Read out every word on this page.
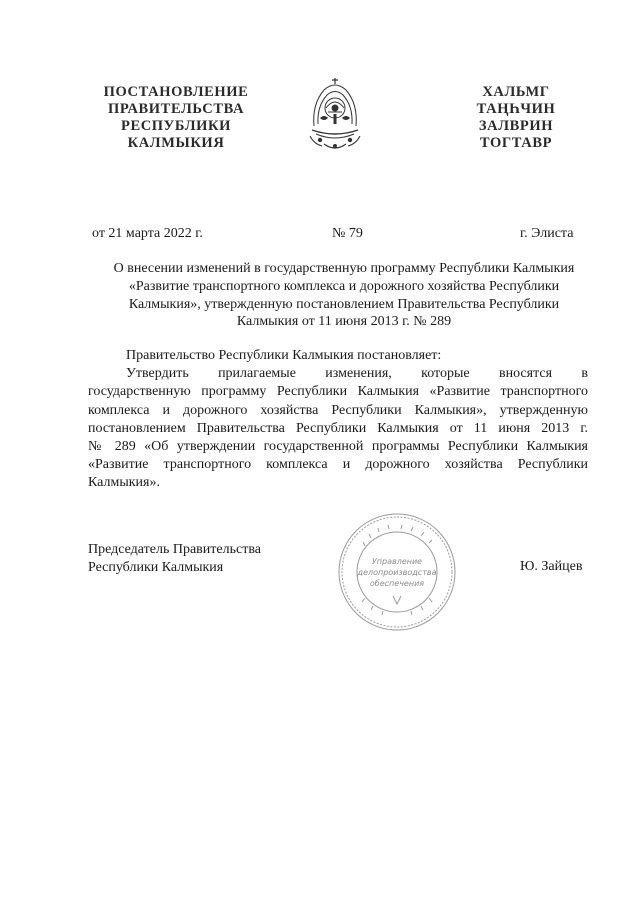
ПОСТАНОВЛЕНИЕ
ПРАВИТЕЛЬСТВА
РЕСПУБЛИКИ
КАЛМЫКИЯ
ХАЛЬМГ
ТАҢҺЧИН
ЗАЛВРИН
ТОГТАВР
от 21 марта 2022 г.	№ 79	г. Элиста
О внесении изменений в государственную программу Республики Калмыкия
«Развитие транспортного комплекса и дорожного хозяйства Республики
Калмыкия», утвержденную постановлением Правительства Республики
Калмыкия от 11 июня 2013 г. № 289
Правительство Республики Калмыкия постановляет:
Утвердить прилагаемые изменения, которые вносятся в
государственную программу Республики Калмыкия «Развитие транспортного
комплекса и дорожного хозяйства Республики Калмыкия», утвержденную
постановлением Правительства Республики Калмыкия от 11 июня 2013 г.
№ 289 «Об утверждении государственной программы Республики Калмыкия
«Развитие транспортного комплекса и дорожного хозяйства Республики
Калмыкия».
Председатель Правительства
Республики Калмыкия	Управление
делопроизводства
обеспечения
Ю. Зайцев
